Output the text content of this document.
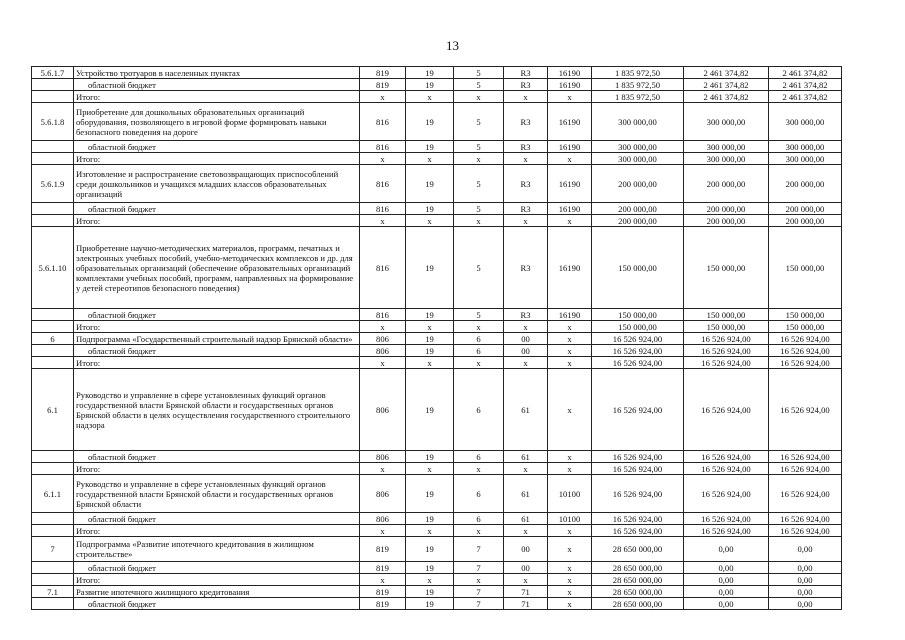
13
5.6.1.7	Устройство тротуаров в населенных пунктах	819	19	5	R3	16190	1 835 972,50	2 461 374,82	2 461 374,82
	областной бюджет	819	19	5	R3	16190	1 835 972,50	2 461 374,82	2 461 374,82
	Итого:	x	x	x	x	x	1 835 972,50	2 461 374,82	2 461 374,82
5.6.1.8	Приобретение для дошкольных образовательных организаций оборудования, позволяющего в игровой форме формировать навыки безопасного поведения на дороге	816	19	5	R3	16190	300 000,00	300 000,00	300 000,00
	областной бюджет	816	19	5	R3	16190	300 000,00	300 000,00	300 000,00
	Итого:	x	x	x	x	x	300 000,00	300 000,00	300 000,00
5.6.1.9	Изготовление и распространение световозвращающих приспособлений среди дошкольников и учащихся младших классов образовательных организаций	816	19	5	R3	16190	200 000,00	200 000,00	200 000,00
	областной бюджет	816	19	5	R3	16190	200 000,00	200 000,00	200 000,00
	Итого:	x	x	x	x	x	200 000,00	200 000,00	200 000,00
5.6.1.10	Приобретение научно-методических материалов, программ, печатных и электронных учебных пособий, учебно-методических комплексов и др. для образовательных организаций (обеспечение образовательных организаций комплектами учебных пособий, программ, направленных на формирование у детей стереотипов безопасного поведения)	816	19	5	R3	16190	150 000,00	150 000,00	150 000,00
	областной бюджет	816	19	5	R3	16190	150 000,00	150 000,00	150 000,00
	Итого:	x	x	x	x	x	150 000,00	150 000,00	150 000,00
6	Подпрограмма «Государственный строительный надзор Брянской области»	806	19	6	00	x	16 526 924,00	16 526 924,00	16 526 924,00
	областной бюджет	806	19	6	00	x	16 526 924,00	16 526 924,00	16 526 924,00
	Итого:	x	x	x	x	x	16 526 924,00	16 526 924,00	16 526 924,00
6.1	Руководство и управление в сфере установленных функций органов государственной власти Брянской области и государственных органов Брянской области в целях осуществления государственного строительного надзора	806	19	6	61	x	16 526 924,00	16 526 924,00	16 526 924,00
	областной бюджет	806	19	6	61	x	16 526 924,00	16 526 924,00	16 526 924,00
	Итого:	x	x	x	x	x	16 526 924,00	16 526 924,00	16 526 924,00
6.1.1	Руководство и управление в сфере установленных функций органов государственной власти Брянской области и государственных органов Брянской области	806	19	6	61	10100	16 526 924,00	16 526 924,00	16 526 924,00
	областной бюджет	806	19	6	61	10100	16 526 924,00	16 526 924,00	16 526 924,00
	Итого:	x	x	x	x	x	16 526 924,00	16 526 924,00	16 526 924,00
7	Подпрограмма «Развитие ипотечного кредитования в жилищном строительстве»	819	19	7	00	x	28 650 000,00	0,00	0,00
	областной бюджет	819	19	7	00	x	28 650 000,00	0,00	0,00
	Итого:	x	x	x	x	x	28 650 000,00	0,00	0,00
7.1	Развитие ипотечного жилищного кредитования	819	19	7	71	x	28 650 000,00	0,00	0,00
	областной бюджет	819	19	7	71	x	28 650 000,00	0,00	0,00
